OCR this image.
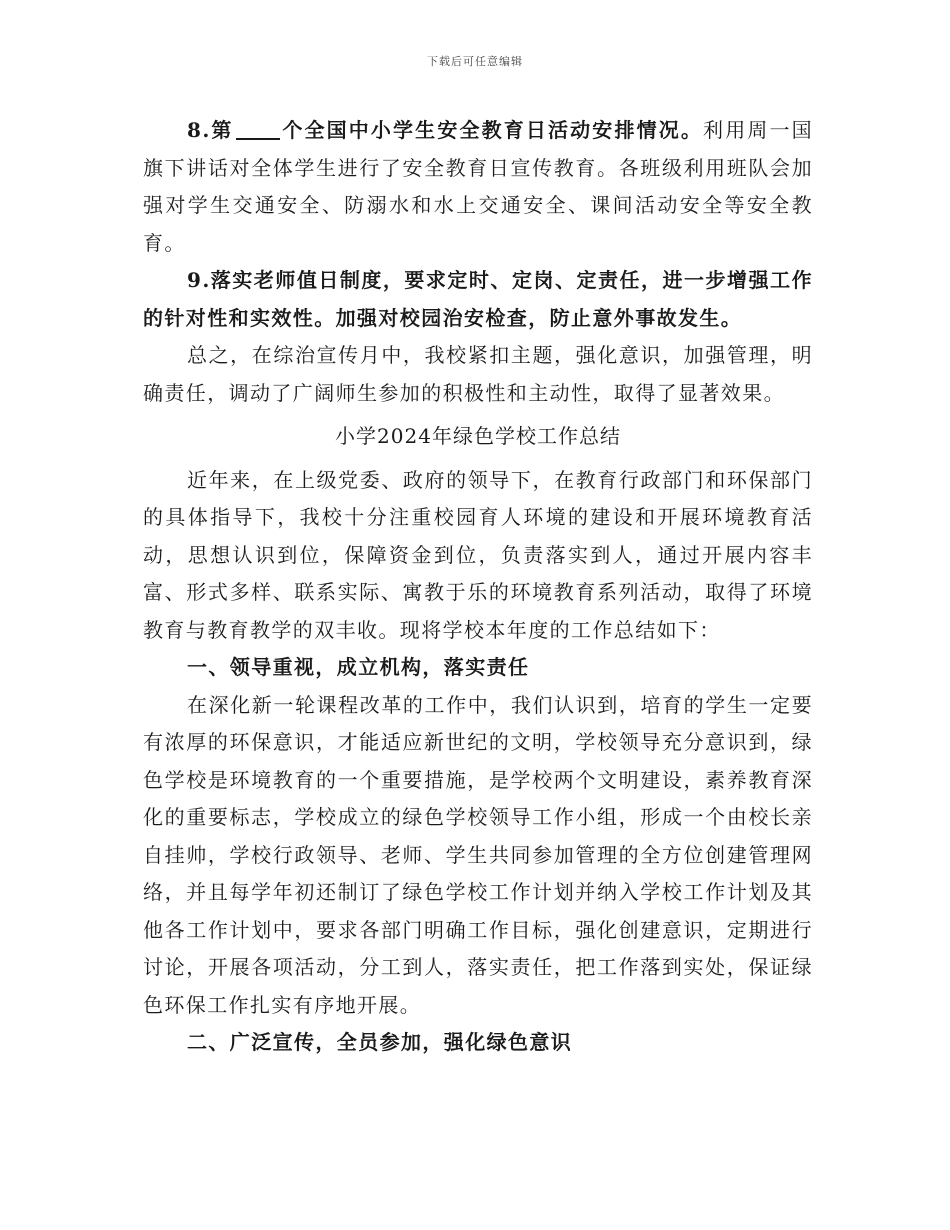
下载后可任意编辑

8.第 个全国中小学生安全教育日活动安排情况。利用周一国旗下讲话对全体学生进行了安全教育日宣传教育。各班级利用班队会加强对学生交通安全、防溺水和水上交通安全、课间活动安全等安全教育。

9.落实老师值日制度，要求定时、定岗、定责任，进一步增强工作的针对性和实效性。加强对校园治安检查，防止意外事故发生。

总之，在综治宣传月中，我校紧扣主题，强化意识，加强管理，明确责任，调动了广阔师生参加的积极性和主动性，取得了显著效果。

小学2024年绿色学校工作总结

近年来，在上级党委、政府的领导下，在教育行政部门和环保部门的具体指导下，我校十分注重校园育人环境的建设和开展环境教育活动，思想认识到位，保障资金到位，负责落实到人，通过开展内容丰富、形式多样、联系实际、寓教于乐的环境教育系列活动，取得了环境教育与教育教学的双丰收。现将学校本年度的工作总结如下：

一、领导重视，成立机构，落实责任

在深化新一轮课程改革的工作中，我们认识到，培育的学生一定要有浓厚的环保意识，才能适应新世纪的文明，学校领导充分意识到，绿色学校是环境教育的一个重要措施，是学校两个文明建设，素养教育深化的重要标志，学校成立的绿色学校领导工作小组，形成一个由校长亲自挂帅，学校行政领导、老师、学生共同参加管理的全方位创建管理网络，并且每学年初还制订了绿色学校工作计划并纳入学校工作计划及其他各工作计划中，要求各部门明确工作目标，强化创建意识，定期进行讨论，开展各项活动，分工到人，落实责任，把工作落到实处，保证绿色环保工作扎实有序地开展。

二、广泛宣传，全员参加，强化绿色意识
